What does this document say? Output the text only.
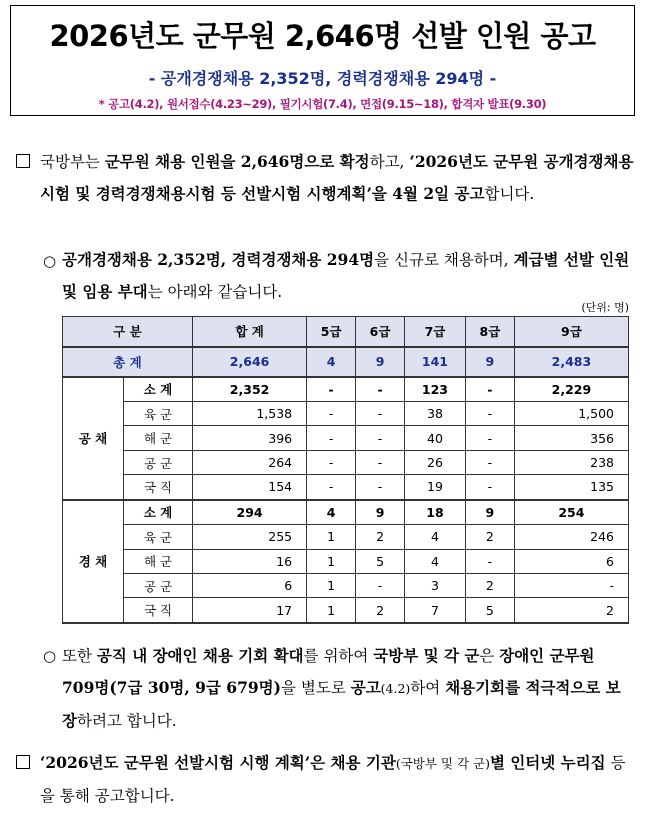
2026년도 군무원 2,646명 선발 인원 공고
- 공개경쟁채용 2,352명, 경력경쟁채용 294명 -
* 공고(4.2), 원서접수(4.23~29), 필기시험(7.4), 면접(9.15~18), 합격자 발표(9.30)
국방부는 군무원 채용 인원을 2,646명으로 확정하고, ‘2026년도 군무원 공개경쟁채용시험 및 경력경쟁채용시험 등 선발시험 시행계획’을 4월 2일 공고합니다.
○ 공개경쟁채용 2,352명, 경력경쟁채용 294명을 신규로 채용하며, 계급별 선발 인원 및 임용 부대는 아래와 같습니다.
(단위: 명)
구 분		합 계	5급	6급	7급	8급	9급
총 계		2,646	4	9	141	9	2,483
공 채	소 계	2,352	-	-	123	-	2,229
	육 군	1,538	-	-	38	-	1,500
	해 군	396	-	-	40	-	356
	공 군	264	-	-	26	-	238
	국 직	154	-	-	19	-	135
경 채	소 계	294	4	9	18	9	254
	육 군	255	1	2	4	2	246
	해 군	16	1	5	4	-	6
	공 군	6	1	-	3	2	-
	국 직	17	1	2	7	5	2
○ 또한 공직 내 장애인 채용 기회 확대를 위하여 국방부 및 각 군은 장애인 군무원 709명(7급 30명, 9급 679명)을 별도로 공고(4.2)하여 채용기회를 적극적으로 보장하려고 합니다.
‘2026년도 군무원 선발시험 시행 계획’은 채용 기관(국방부 및 각 군)별 인터넷 누리집 등을 통해 공고합니다.
